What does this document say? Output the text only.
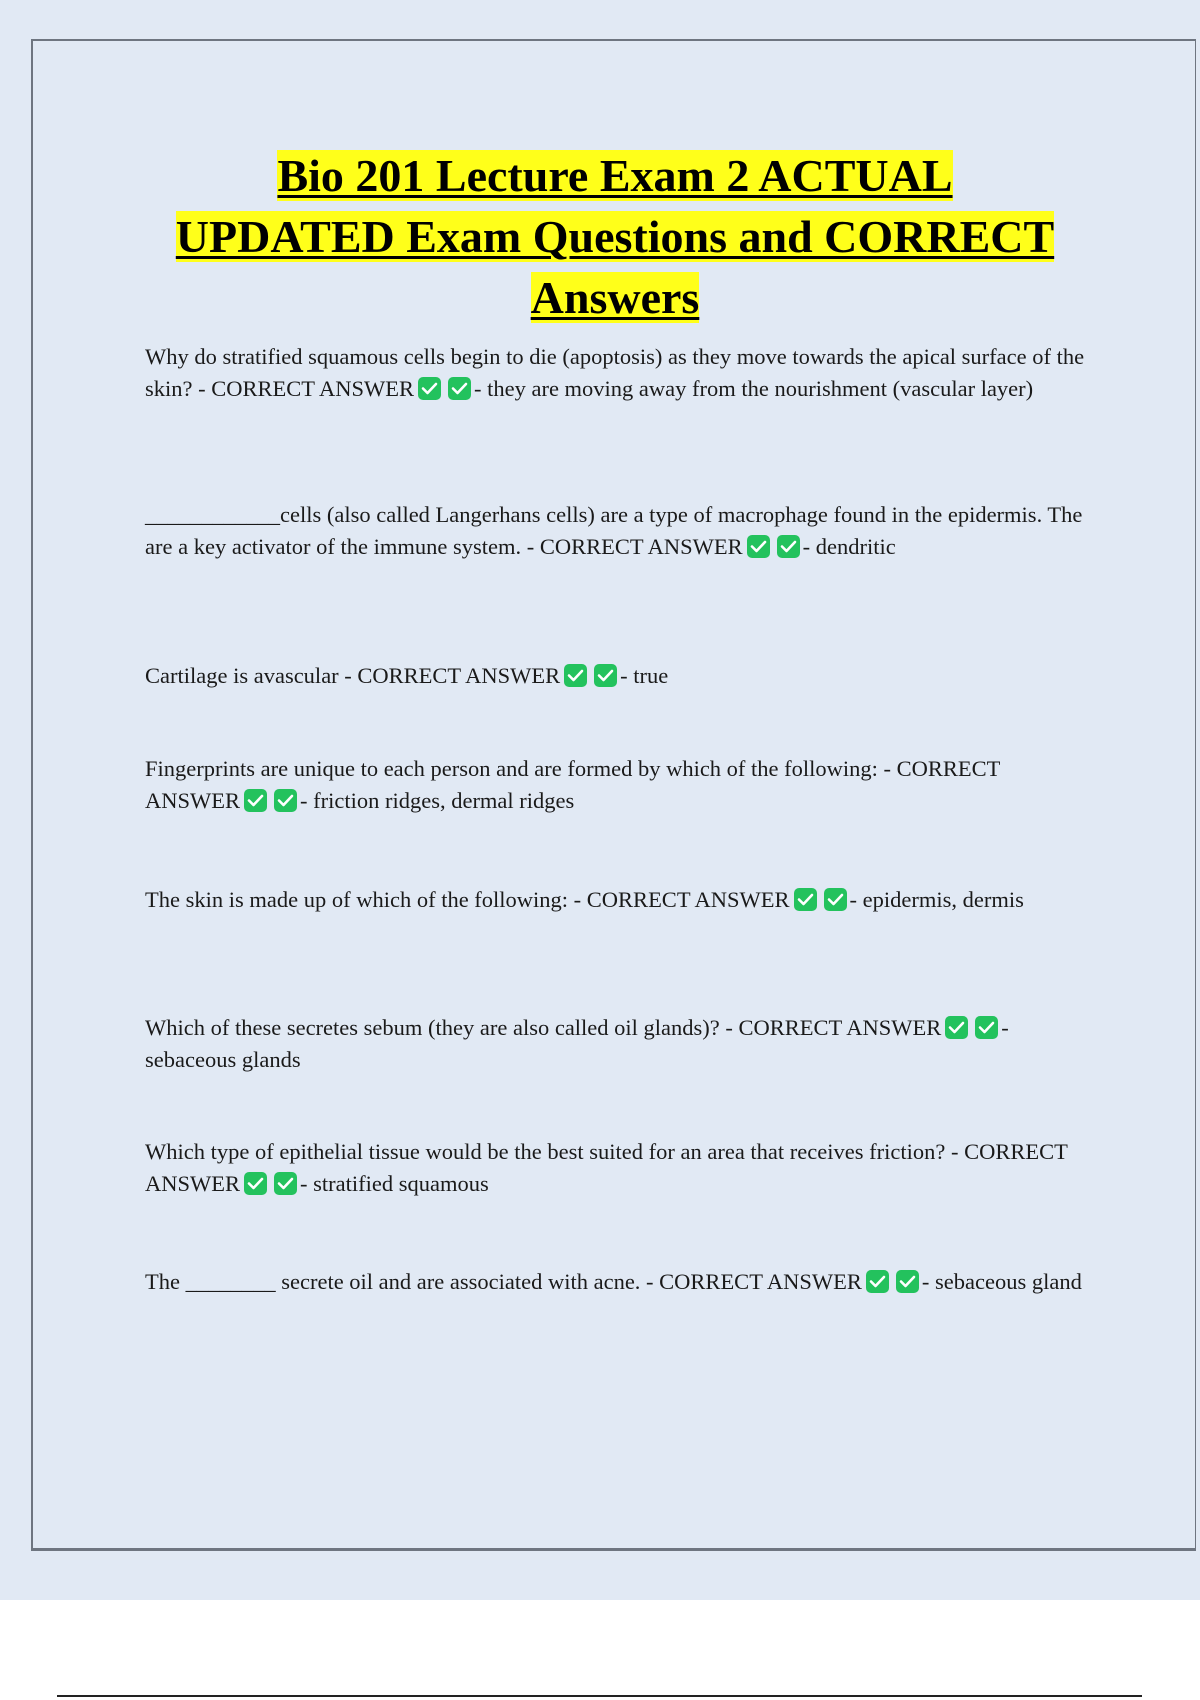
Bio 201 Lecture Exam 2 ACTUAL
UPDATED Exam Questions and CORRECT
Answers
Why do stratified squamous cells begin to die (apoptosis) as they move towards the apical surface of the skin? - CORRECT ANSWER	- they are moving away from the nourishment (vascular layer)
____________cells (also called Langerhans cells) are a type of macrophage found in the epidermis. The are a key activator of the immune system. - CORRECT ANSWER	- dendritic
Cartilage is avascular - CORRECT ANSWER	- true
Fingerprints are unique to each person and are formed by which of the following: - CORRECT ANSWER	- friction ridges, dermal ridges
The skin is made up of which of the following: - CORRECT ANSWER	- epidermis, dermis
Which of these secretes sebum (they are also called oil glands)? - CORRECT ANSWER	- sebaceous glands
Which type of epithelial tissue would be the best suited for an area that receives friction? - CORRECT ANSWER	- stratified squamous
The ________ secrete oil and are associated with acne. - CORRECT ANSWER	- sebaceous gland
